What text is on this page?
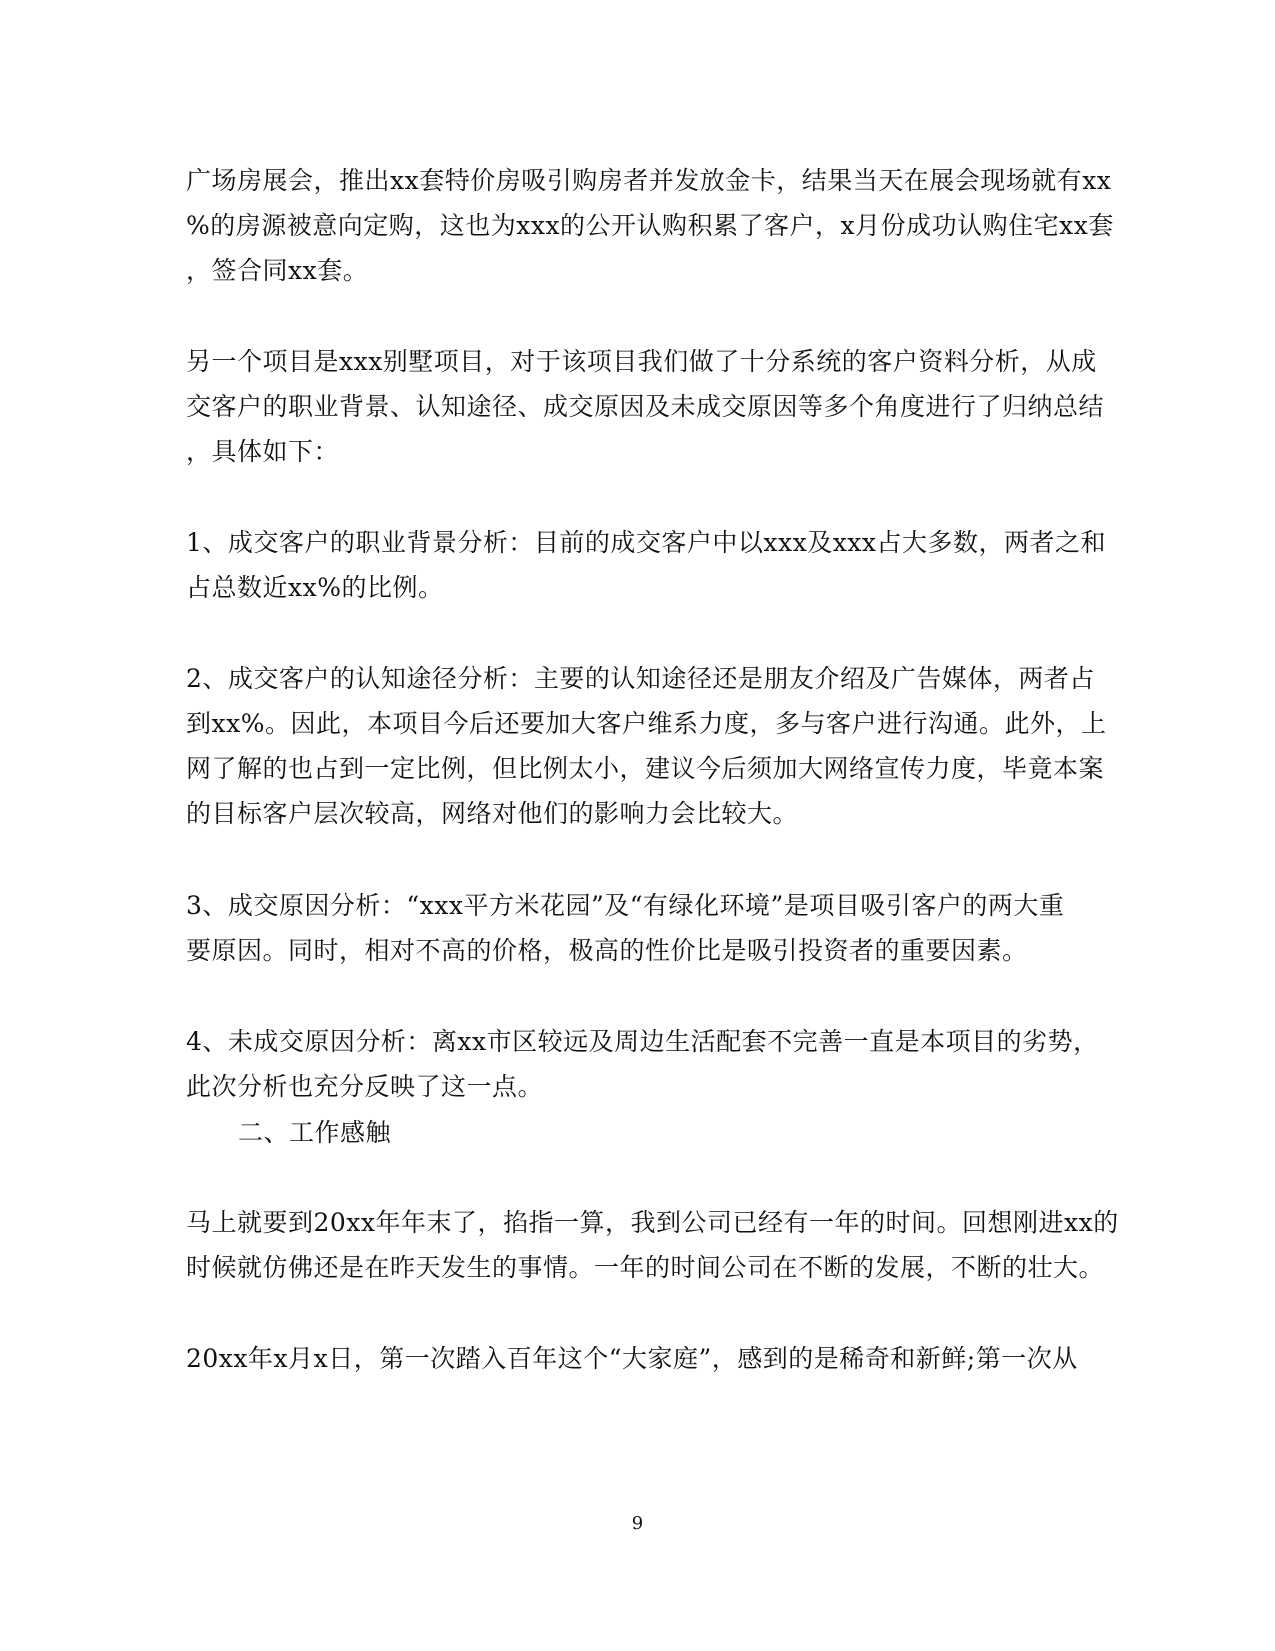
广场房展会，推出xx套特价房吸引购房者并发放金卡，结果当天在展会现场就有xx
%的房源被意向定购，这也为xxx的公开认购积累了客户，x月份成功认购住宅xx套
，签合同xx套。
另一个项目是xxx别墅项目，对于该项目我们做了十分系统的客户资料分析，从成
交客户的职业背景、认知途径、成交原因及未成交原因等多个角度进行了归纳总结
，具体如下：
1、成交客户的职业背景分析：目前的成交客户中以xxx及xxx占大多数，两者之和
占总数近xx%的比例。
2、成交客户的认知途径分析：主要的认知途径还是朋友介绍及广告媒体，两者占
到xx%。因此，本项目今后还要加大客户维系力度，多与客户进行沟通。此外，上
网了解的也占到一定比例，但比例太小，建议今后须加大网络宣传力度，毕竟本案
的目标客户层次较高，网络对他们的影响力会比较大。
3、成交原因分析：“xxx平方米花园”及“有绿化环境”是项目吸引客户的两大重
要原因。同时，相对不高的价格，极高的性价比是吸引投资者的重要因素。
4、未成交原因分析：离xx市区较远及周边生活配套不完善一直是本项目的劣势，
此次分析也充分反映了这一点。
二、工作感触
马上就要到20xx年年末了，掐指一算，我到公司已经有一年的时间。回想刚进xx的
时候就仿佛还是在昨天发生的事情。一年的时间公司在不断的发展，不断的壮大。
20xx年x月x日，第一次踏入百年这个“大家庭”，感到的是稀奇和新鲜;第一次从
9
